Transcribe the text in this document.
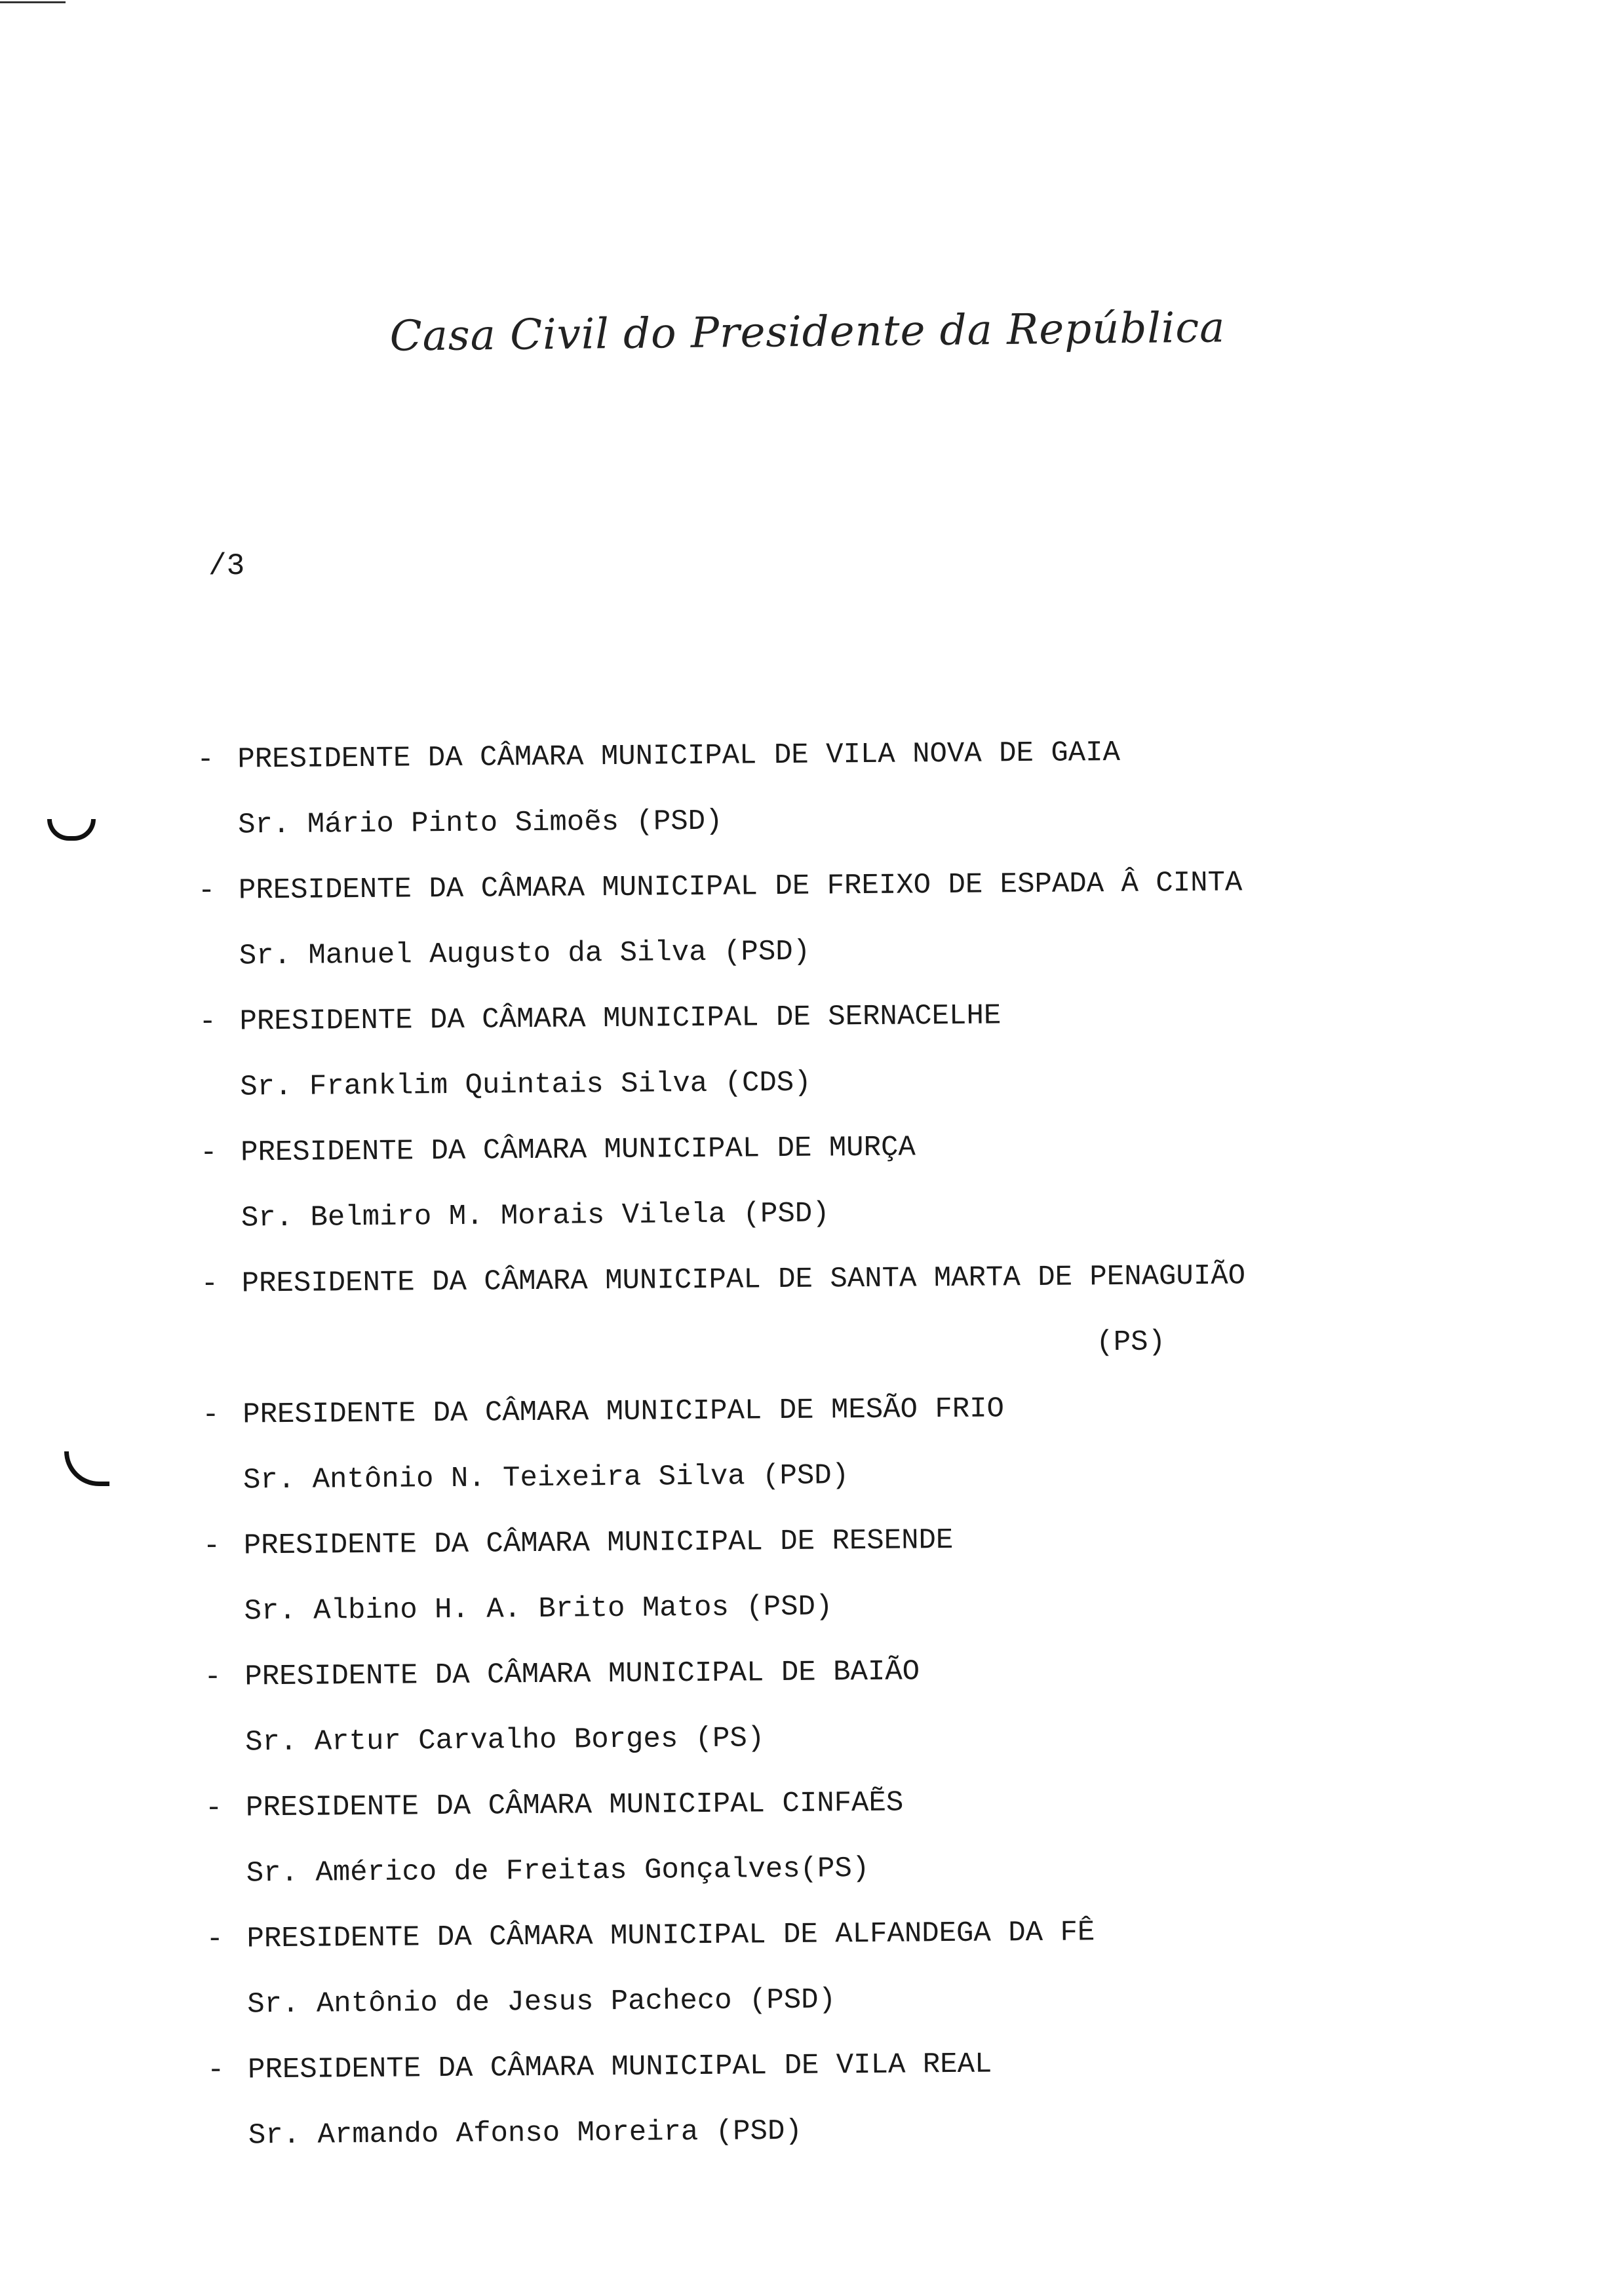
Casa Civil do Presidente da República
/3
- PRESIDENTE DA CÂMARA MUNICIPAL DE VILA NOVA DE GAIA
Sr. Mário Pinto Simoẽs (PSD)
- PRESIDENTE DA CÂMARA MUNICIPAL DE FREIXO DE ESPADA Â CINTA
Sr. Manuel Augusto da Silva (PSD)
- PRESIDENTE DA CÂMARA MUNICIPAL DE SERNACELHE
Sr. Franklim Quintais Silva (CDS)
- PRESIDENTE DA CÂMARA MUNICIPAL DE MURÇA
Sr. Belmiro M. Morais Vilela (PSD)
- PRESIDENTE DA CÂMARA MUNICIPAL DE SANTA MARTA DE PENAGUIÃO
(PS)
- PRESIDENTE DA CÂMARA MUNICIPAL DE MESÃO FRIO
Sr. Antônio N. Teixeira Silva (PSD)
- PRESIDENTE DA CÂMARA MUNICIPAL DE RESENDE
Sr. Albino H. A. Brito Matos (PSD)
- PRESIDENTE DA CÂMARA MUNICIPAL DE BAIÃO
Sr. Artur Carvalho Borges (PS)
- PRESIDENTE DA CÂMARA MUNICIPAL CINFAẼS
Sr. Américo de Freitas Gonçalves(PS)
- PRESIDENTE DA CÂMARA MUNICIPAL DE ALFANDEGA DA FÊ
Sr. Antônio de Jesus Pacheco (PSD)
- PRESIDENTE DA CÂMARA MUNICIPAL DE VILA REAL
Sr. Armando Afonso Moreira (PSD)
